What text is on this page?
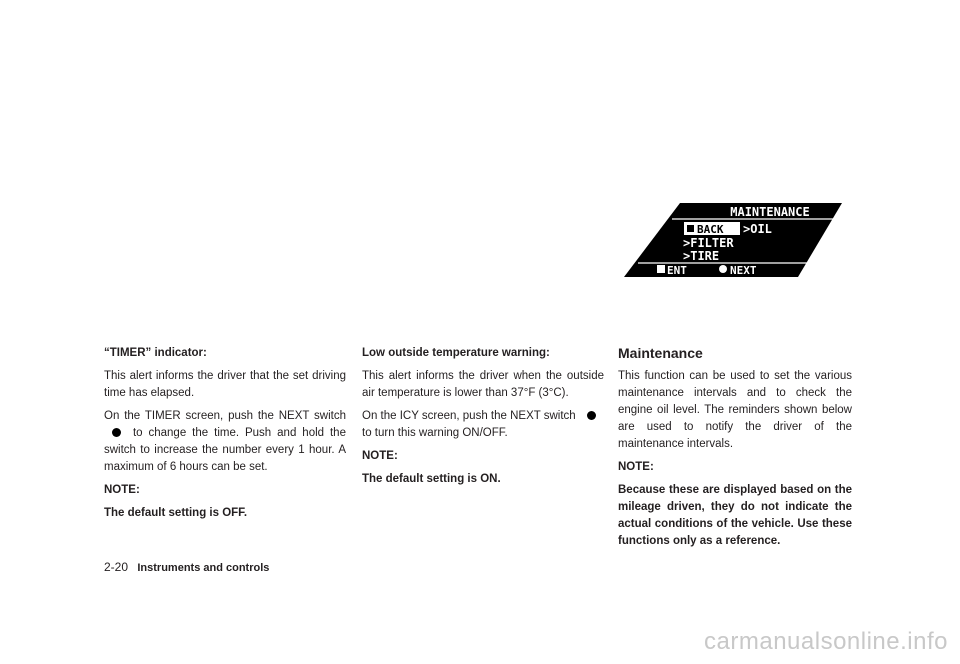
MAINTENANCE
BACK >OIL
>FILTER
>TIRE
ENT	NEXT

“TIMER” indicator:

This alert informs the driver that the set driving time has elapsed.

On the TIMER screen, push the NEXT switch  to change the time. Push and hold the switch to increase the number every 1 hour. A maximum of 6 hours can be set.

NOTE:

The default setting is OFF.

Low outside temperature warning:

This alert informs the driver when the outside air temperature is lower than 37°F (3°C).

On the ICY screen, push the NEXT switch  to turn this warning ON/OFF.

NOTE:

The default setting is ON.

Maintenance

This function can be used to set the various maintenance intervals and to check the engine oil level. The reminders shown below are used to notify the driver of the maintenance intervals.

NOTE:

Because these are displayed based on the mileage driven, they do not indicate the actual conditions of the vehicle. Use these functions only as a reference.

2-20 Instruments and controls
carmanualsonline.info
